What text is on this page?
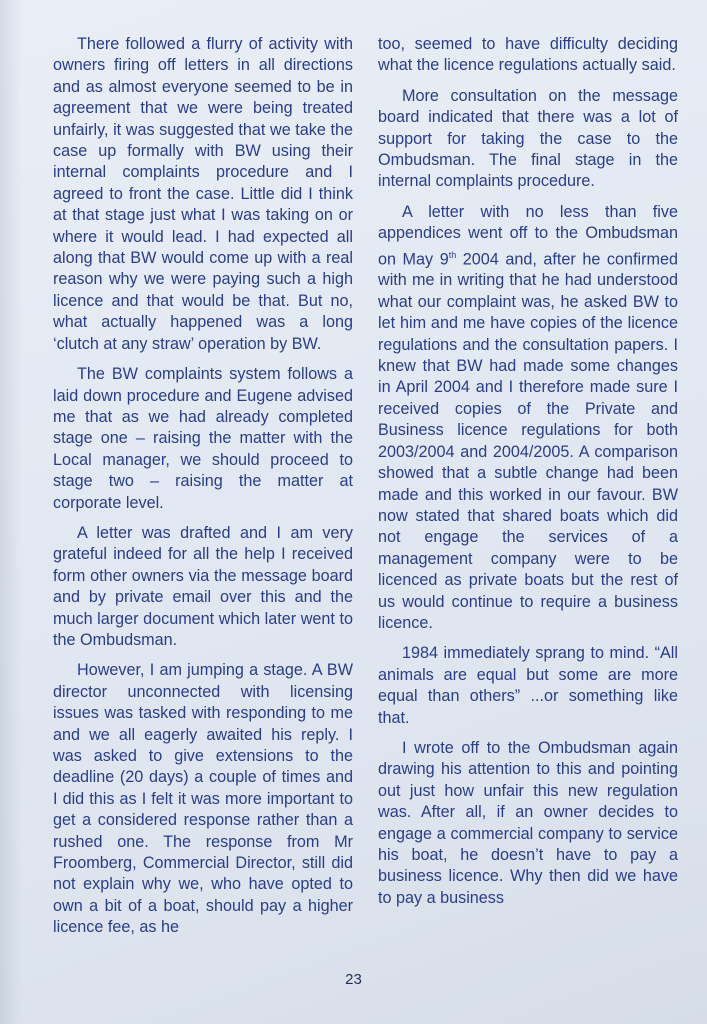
There followed a flurry of activity with owners firing off letters in all directions and as almost everyone seemed to be in agreement that we were being treated unfairly, it was suggested that we take the case up formally with BW using their internal complaints procedure and I agreed to front the case. Little did I think at that stage just what I was taking on or where it would lead. I had expected all along that BW would come up with a real reason why we were paying such a high licence and that would be that. But no, what actually happened was a long ‘clutch at any straw’ operation by BW.

The BW complaints system follows a laid down procedure and Eugene advised me that as we had already completed stage one – raising the matter with the Local manager, we should proceed to stage two – raising the matter at corporate level.

A letter was drafted and I am very grateful indeed for all the help I received form other owners via the message board and by private email over this and the much larger document which later went to the Ombudsman.

However, I am jumping a stage. A BW director unconnected with licensing issues was tasked with responding to me and we all eagerly awaited his reply. I was asked to give extensions to the deadline (20 days) a couple of times and I did this as I felt it was more important to get a considered response rather than a rushed one. The response from Mr Froomberg, Commercial Director, still did not explain why we, who have opted to own a bit of a boat, should pay a higher licence fee, as he

too, seemed to have difficulty deciding what the licence regulations actually said.

More consultation on the message board indicated that there was a lot of support for taking the case to the Ombudsman. The final stage in the internal complaints procedure.

A letter with no less than five appendices went off to the Ombudsman on May 9th 2004 and, after he confirmed with me in writing that he had understood what our complaint was, he asked BW to let him and me have copies of the licence regulations and the consultation papers. I knew that BW had made some changes in April 2004 and I therefore made sure I received copies of the Private and Business licence regulations for both 2003/2004 and 2004/2005. A comparison showed that a subtle change had been made and this worked in our favour. BW now stated that shared boats which did not engage the services of a management company were to be licenced as private boats but the rest of us would continue to require a business licence.

1984 immediately sprang to mind. “All animals are equal but some are more equal than others” ...or something like that.

I wrote off to the Ombudsman again drawing his attention to this and pointing out just how unfair this new regulation was. After all, if an owner decides to engage a commercial company to service his boat, he doesn’t have to pay a business licence. Why then did we have to pay a business

23
